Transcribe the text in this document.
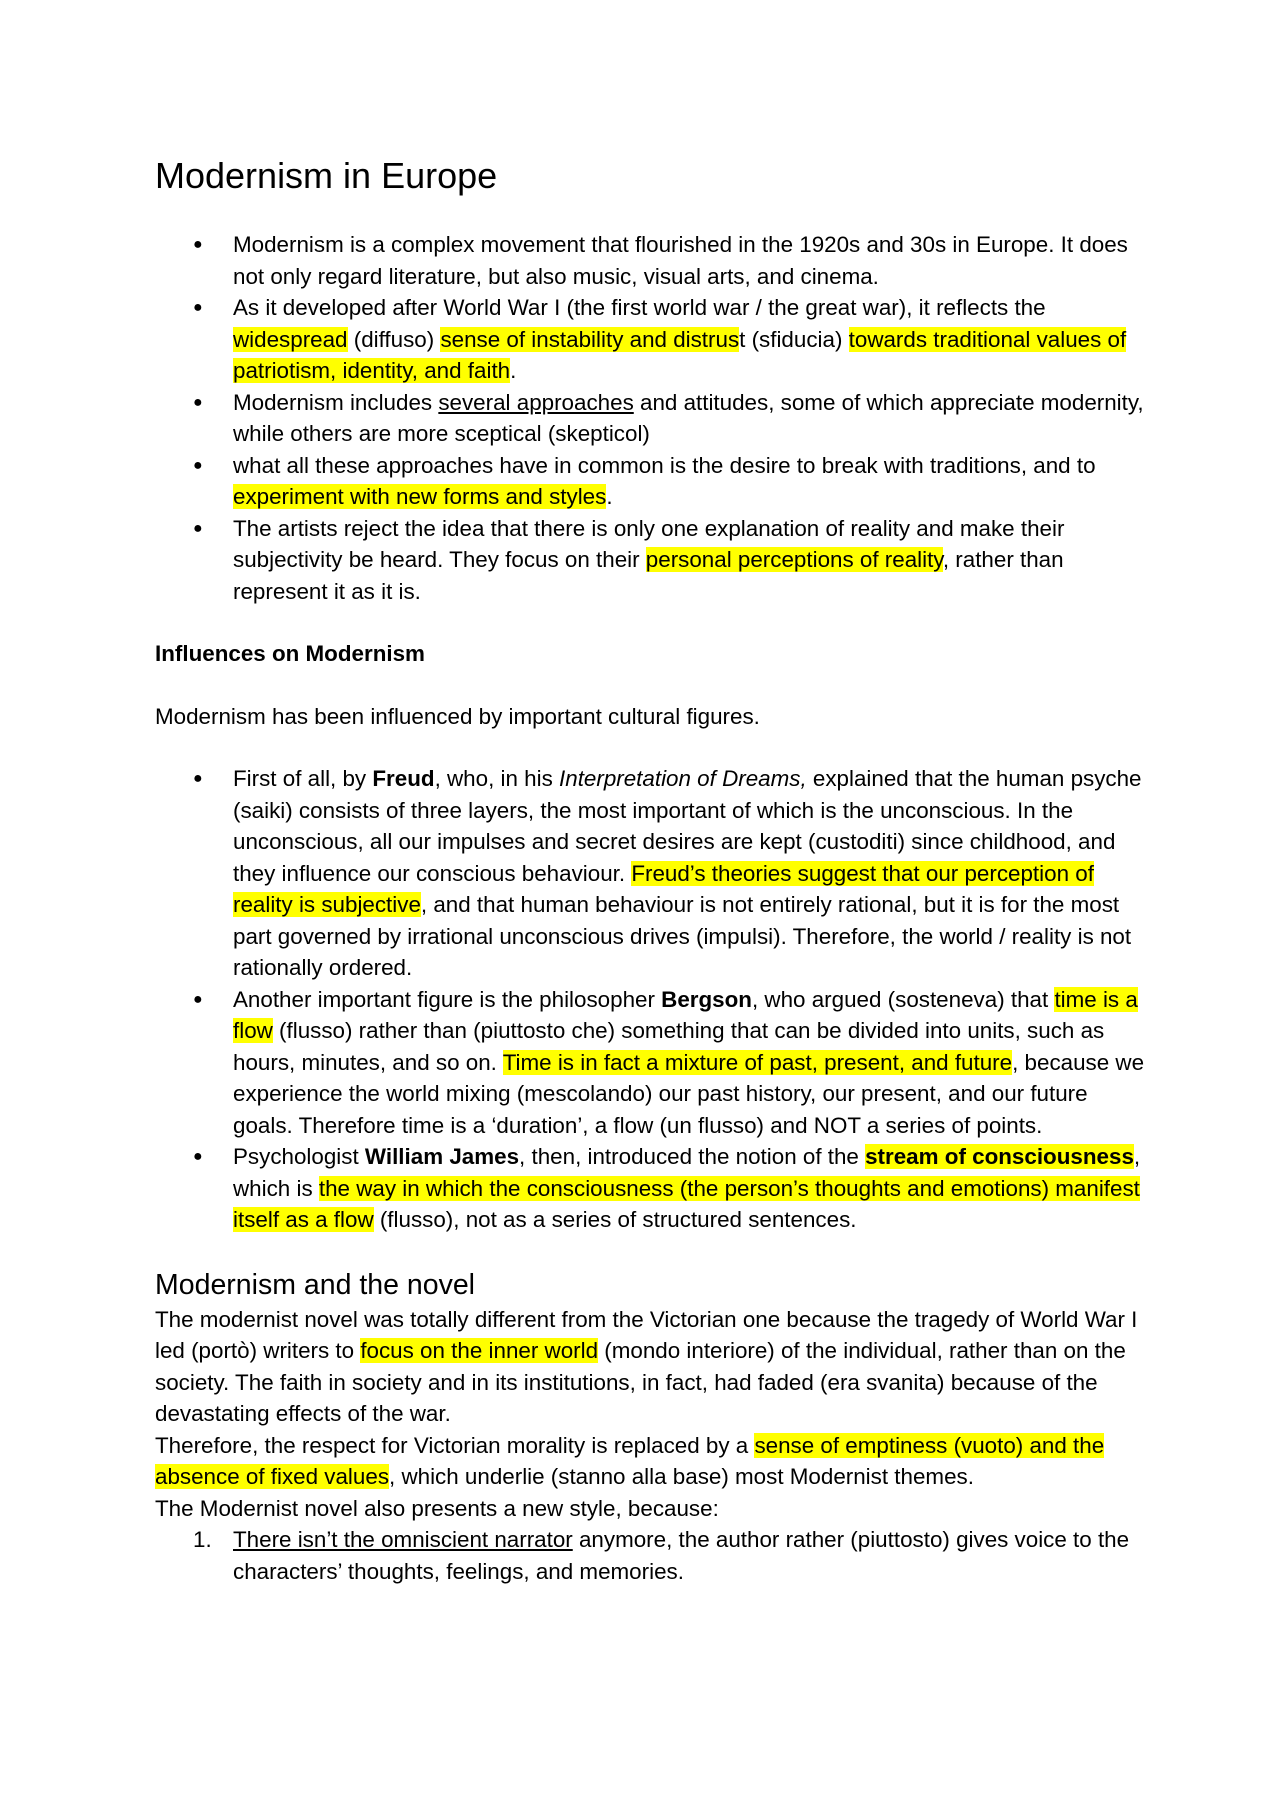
Modernism in Europe
● Modernism is a complex movement that flourished in the 1920s and 30s in Europe. It does not only regard literature, but also music, visual arts, and cinema.
● As it developed after World War I (the first world war / the great war), it reflects the widespread (diffuso) sense of instability and distrust (sfiducia) towards traditional values of patriotism, identity, and faith.
● Modernism includes several approaches and attitudes, some of which appreciate modernity, while others are more sceptical (skepticol)
● what all these approaches have in common is the desire to break with traditions, and to experiment with new forms and styles.
● The artists reject the idea that there is only one explanation of reality and make their subjectivity be heard. They focus on their personal perceptions of reality, rather than represent it as it is.
Influences on Modernism

Modernism has been influenced by important cultural figures.

● First of all, by Freud, who, in his Interpretation of Dreams, explained that the human psyche (saiki) consists of three layers, the most important of which is the unconscious. In the unconscious, all our impulses and secret desires are kept (custoditi) since childhood, and they influence our conscious behaviour. Freud’s theories suggest that our perception of reality is subjective, and that human behaviour is not entirely rational, but it is for the most part governed by irrational unconscious drives (impulsi). Therefore, the world / reality is not rationally ordered.
● Another important figure is the philosopher Bergson, who argued (sosteneva) that time is a flow (flusso) rather than (piuttosto che) something that can be divided into units, such as hours, minutes, and so on. Time is in fact a mixture of past, present, and future, because we experience the world mixing (mescolando) our past history, our present, and our future goals. Therefore time is a ‘duration’, a flow (un flusso) and NOT a series of points.
● Psychologist William James, then, introduced the notion of the stream of consciousness, which is the way in which the consciousness (the person’s thoughts and emotions) manifest itself as a flow (flusso), not as a series of structured sentences.
Modernism and the novel

The modernist novel was totally different from the Victorian one because the tragedy of World War I led (portò) writers to focus on the inner world (mondo interiore) of the individual, rather than on the society. The faith in society and in its institutions, in fact, had faded (era svanita) because of the devastating effects of the war.

Therefore, the respect for Victorian morality is replaced by a sense of emptiness (vuoto) and the absence of fixed values, which underlie (stanno alla base) most Modernist themes.

The Modernist novel also presents a new style, because:

1. There isn’t the omniscient narrator anymore, the author rather (piuttosto) gives voice to the characters’ thoughts, feelings, and memories.
